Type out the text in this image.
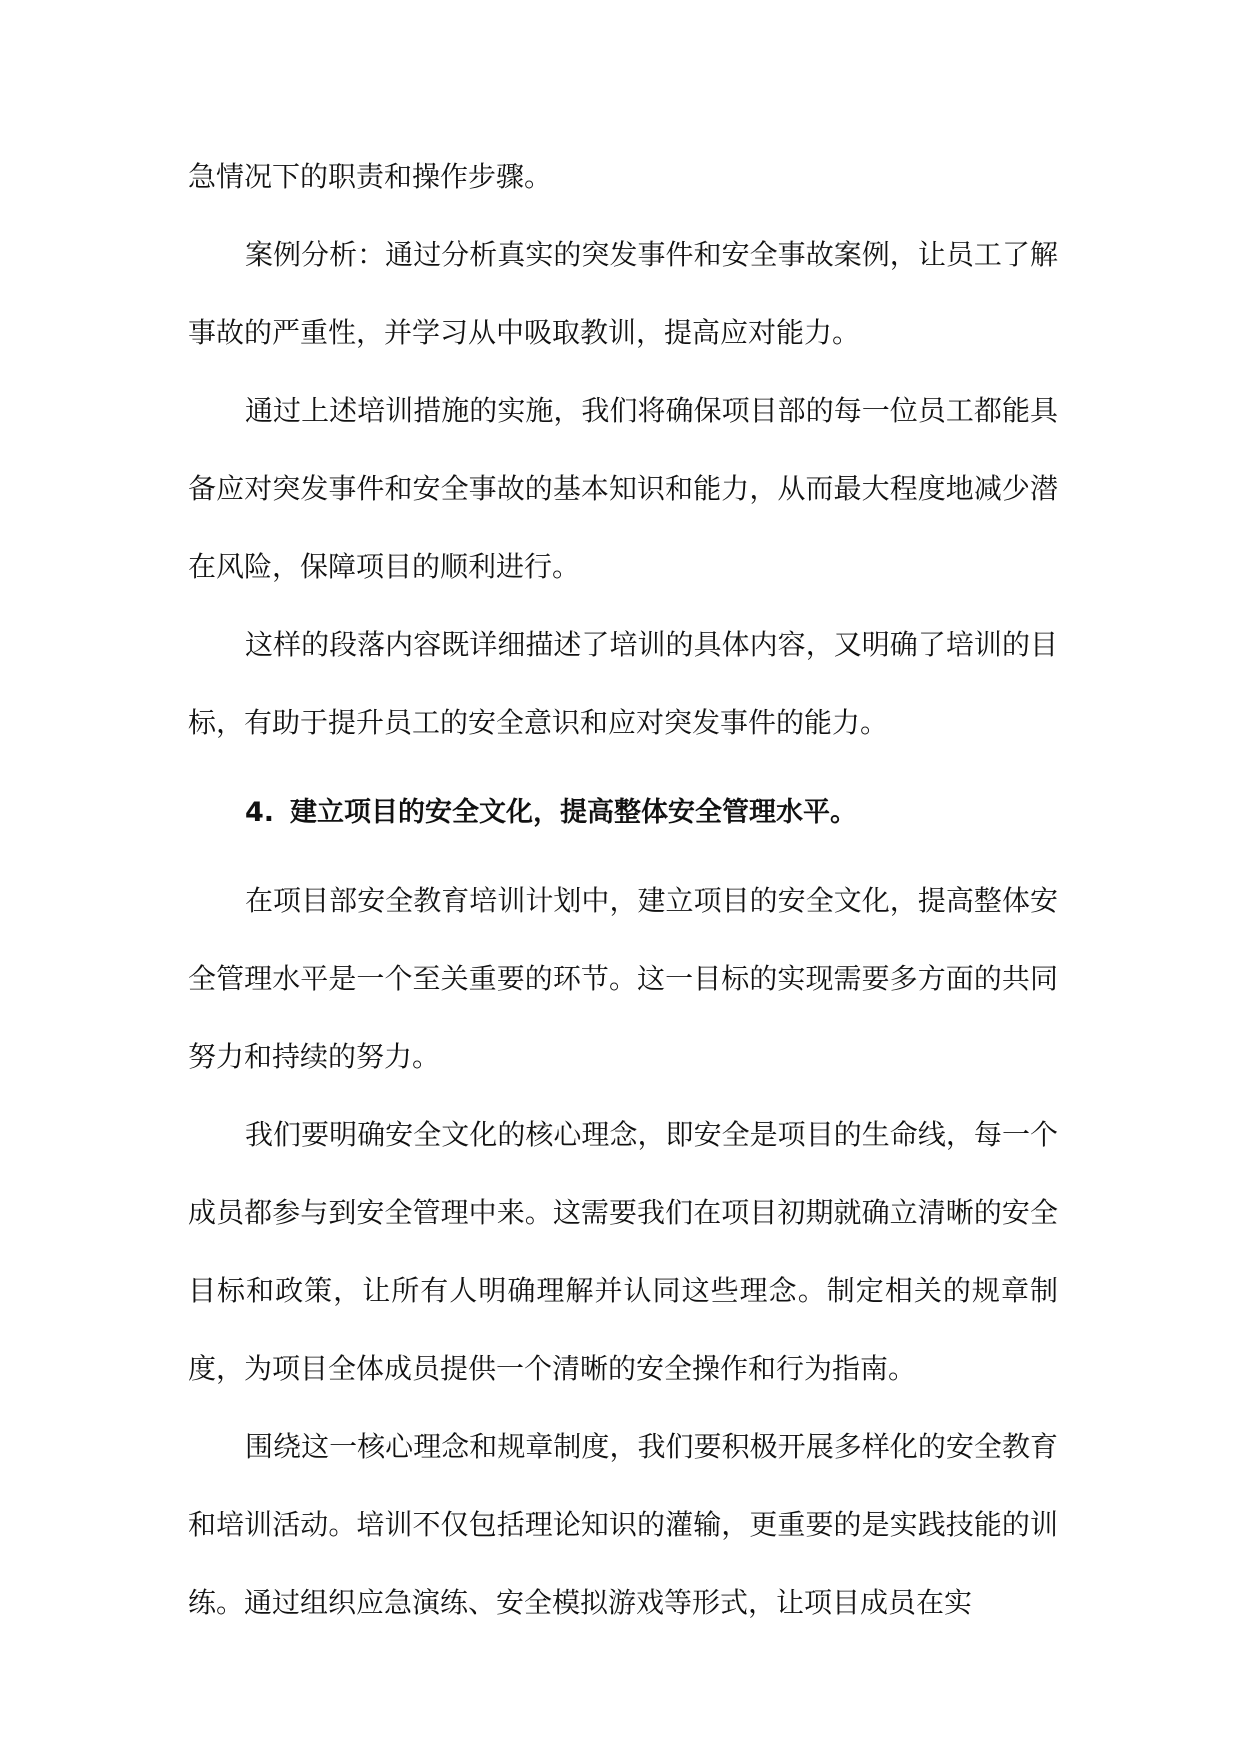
急情况下的职责和操作步骤。

案例分析：通过分析真实的突发事件和安全事故案例，让员工了解事故的严重性，并学习从中吸取教训，提高应对能力。

通过上述培训措施的实施，我们将确保项目部的每一位员工都能具备应对突发事件和安全事故的基本知识和能力，从而最大程度地减少潜在风险，保障项目的顺利进行。

这样的段落内容既详细描述了培训的具体内容，又明确了培训的目标，有助于提升员工的安全意识和应对突发事件的能力。

4. 建立项目的安全文化，提高整体安全管理水平。

在项目部安全教育培训计划中，建立项目的安全文化，提高整体安全管理水平是一个至关重要的环节。这一目标的实现需要多方面的共同努力和持续的努力。

我们要明确安全文化的核心理念，即安全是项目的生命线，每一个成员都参与到安全管理中来。这需要我们在项目初期就确立清晰的安全目标和政策，让所有人明确理解并认同这些理念。制定相关的规章制度，为项目全体成员提供一个清晰的安全操作和行为指南。

围绕这一核心理念和规章制度，我们要积极开展多样化的安全教育和培训活动。培训不仅包括理论知识的灌输，更重要的是实践技能的训练。通过组织应急演练、安全模拟游戏等形式，让项目成员在实
